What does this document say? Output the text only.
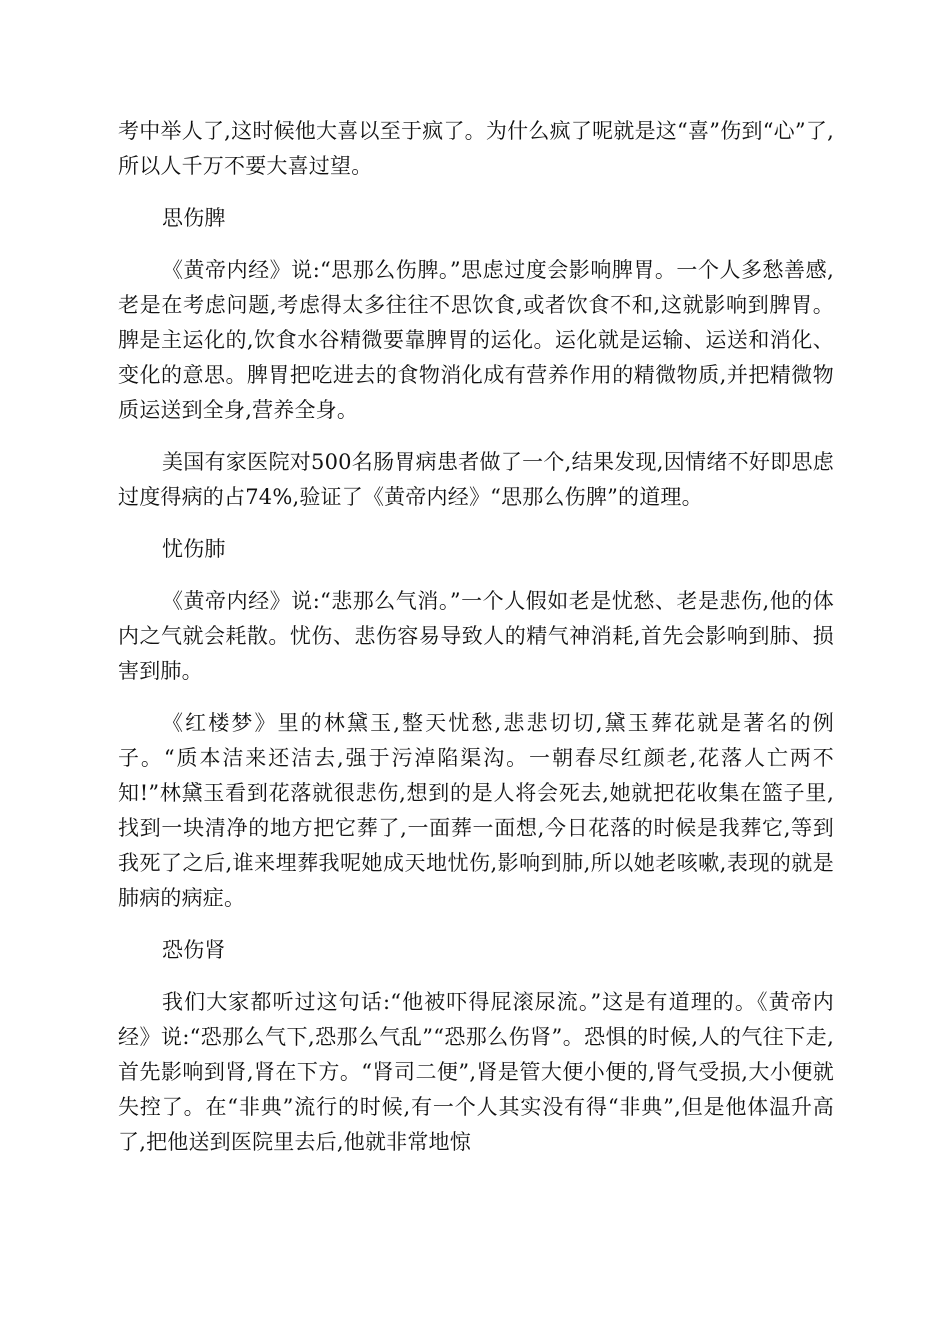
考中举人了,这时候他大喜以至于疯了。为什么疯了呢就是这“喜”伤到“心”了,所以人千万不要大喜过望。

思伤脾

《黄帝内经》说:“思那么伤脾。”思虑过度会影响脾胃。一个人多愁善感,老是在考虑问题,考虑得太多往往不思饮食,或者饮食不和,这就影响到脾胃。脾是主运化的,饮食水谷精微要靠脾胃的运化。运化就是运输、运送和消化、变化的意思。脾胃把吃进去的食物消化成有营养作用的精微物质,并把精微物质运送到全身,营养全身。

美国有家医院对500名肠胃病患者做了一个,结果发现,因情绪不好即思虑过度得病的占74%,验证了《黄帝内经》“思那么伤脾”的道理。

忧伤肺

《黄帝内经》说:“悲那么气消。”一个人假如老是忧愁、老是悲伤,他的体内之气就会耗散。忧伤、悲伤容易导致人的精气神消耗,首先会影响到肺、损害到肺。

《红楼梦》里的林黛玉,整天忧愁,悲悲切切,黛玉葬花就是著名的例子。“质本洁来还洁去,强于污淖陷渠沟。一朝春尽红颜老,花落人亡两不知!”林黛玉看到花落就很悲伤,想到的是人将会死去,她就把花收集在篮子里,找到一块清净的地方把它葬了,一面葬一面想,今日花落的时候是我葬它,等到我死了之后,谁来埋葬我呢她成天地忧伤,影响到肺,所以她老咳嗽,表现的就是肺病的病症。

恐伤肾

我们大家都听过这句话:“他被吓得屁滚尿流。”这是有道理的。《黄帝内经》说:“恐那么气下,恐那么气乱”“恐那么伤肾”。恐惧的时候,人的气往下走,首先影响到肾,肾在下方。“肾司二便”,肾是管大便小便的,肾气受损,大小便就失控了。在“非典”流行的时候,有一个人其实没有得“非典”,但是他体温升高了,把他送到医院里去后,他就非常地惊
